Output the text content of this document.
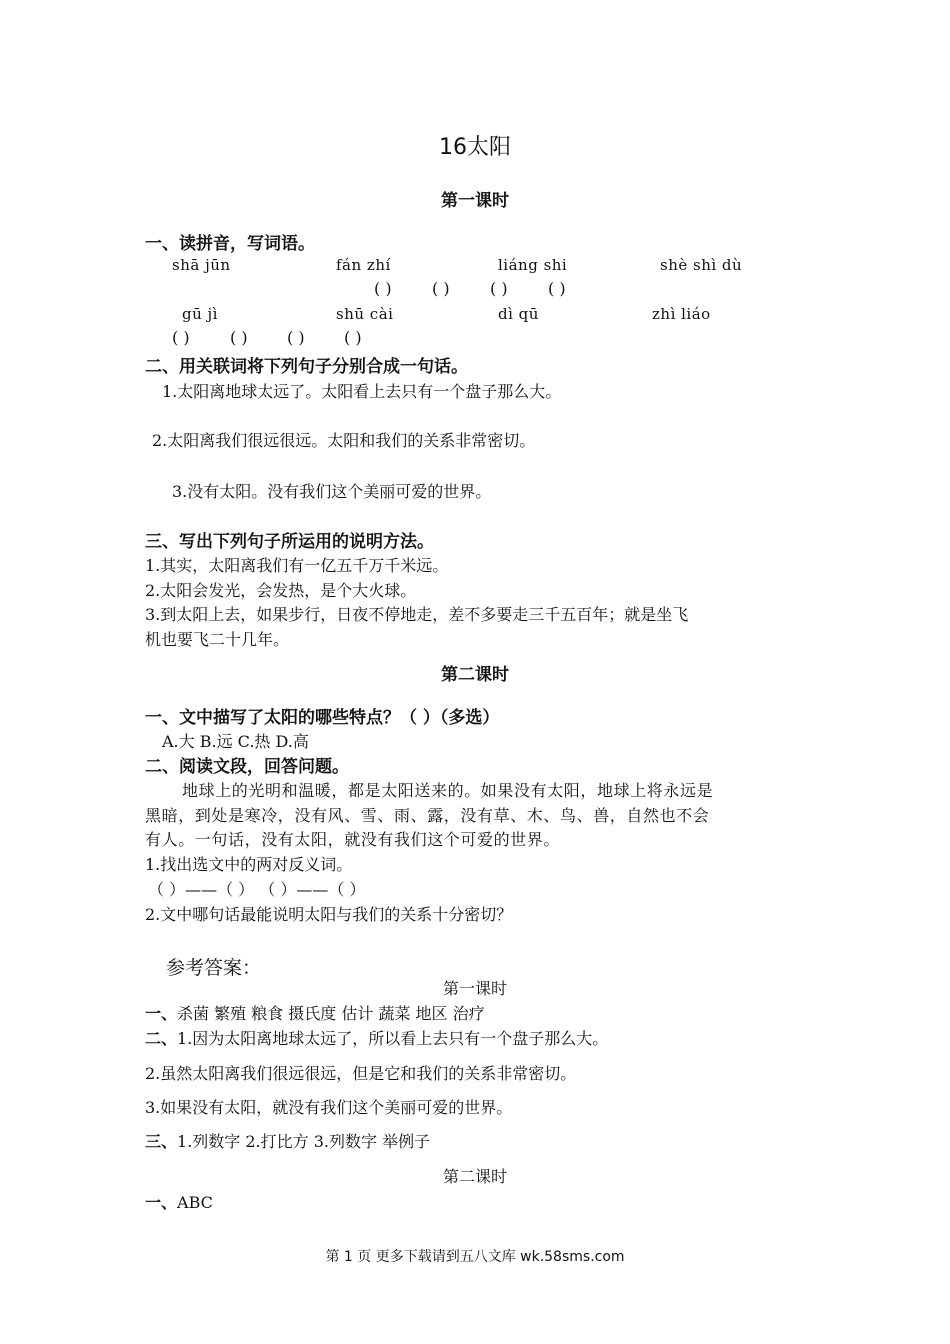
16太阳
第一课时
一、读拼音，写词语。
shā jūn	fán zhí	liáng shi	shè shì dù
( )	( )	( )	( )
gū jì	shū cài	dì qū	zhì liáo
( )	( ) ( ) ( )
二、用关联词将下列句子分别合成一句话。
1.太阳离地球太远了。太阳看上去只有一个盘子那么大。
2.太阳离我们很远很远。太阳和我们的关系非常密切。
3.没有太阳。没有我们这个美丽可爱的世界。
三、写出下列句子所运用的说明方法。
1.其实，太阳离我们有一亿五千万千米远。
2.太阳会发光，会发热，是个大火球。
3.到太阳上去，如果步行，日夜不停地走，差不多要走三千五百年；就是坐飞
机也要飞二十几年。
第二课时
一、文中描写了太阳的哪些特点？（ ）（多选）
A.大 B.远 C.热 D.高
二、阅读文段，回答问题。
地球上的光明和温暖，都是太阳送来的。如果没有太阳，地球上将永远是
黑暗，到处是寒冷，没有风、雪、雨、露，没有草、木、鸟、兽，自然也不会
有人。一句话，没有太阳，就没有我们这个可爱的世界。
1.找出选文中的两对反义词。
（ ）——（ ） （ ）——（ ）
2.文中哪句话最能说明太阳与我们的关系十分密切？
参考答案：
第一课时
一、杀菌 繁殖 粮食 摄氏度 估计 蔬菜 地区 治疗
二、1.因为太阳离地球太远了，所以看上去只有一个盘子那么大。
2.虽然太阳离我们很远很远，但是它和我们的关系非常密切。
3.如果没有太阳，就没有我们这个美丽可爱的世界。
三、1.列数字 2.打比方 3.列数字 举例子
第二课时
一、ABC
第 1 页 更多下载请到五八文库 wk.58sms.com
